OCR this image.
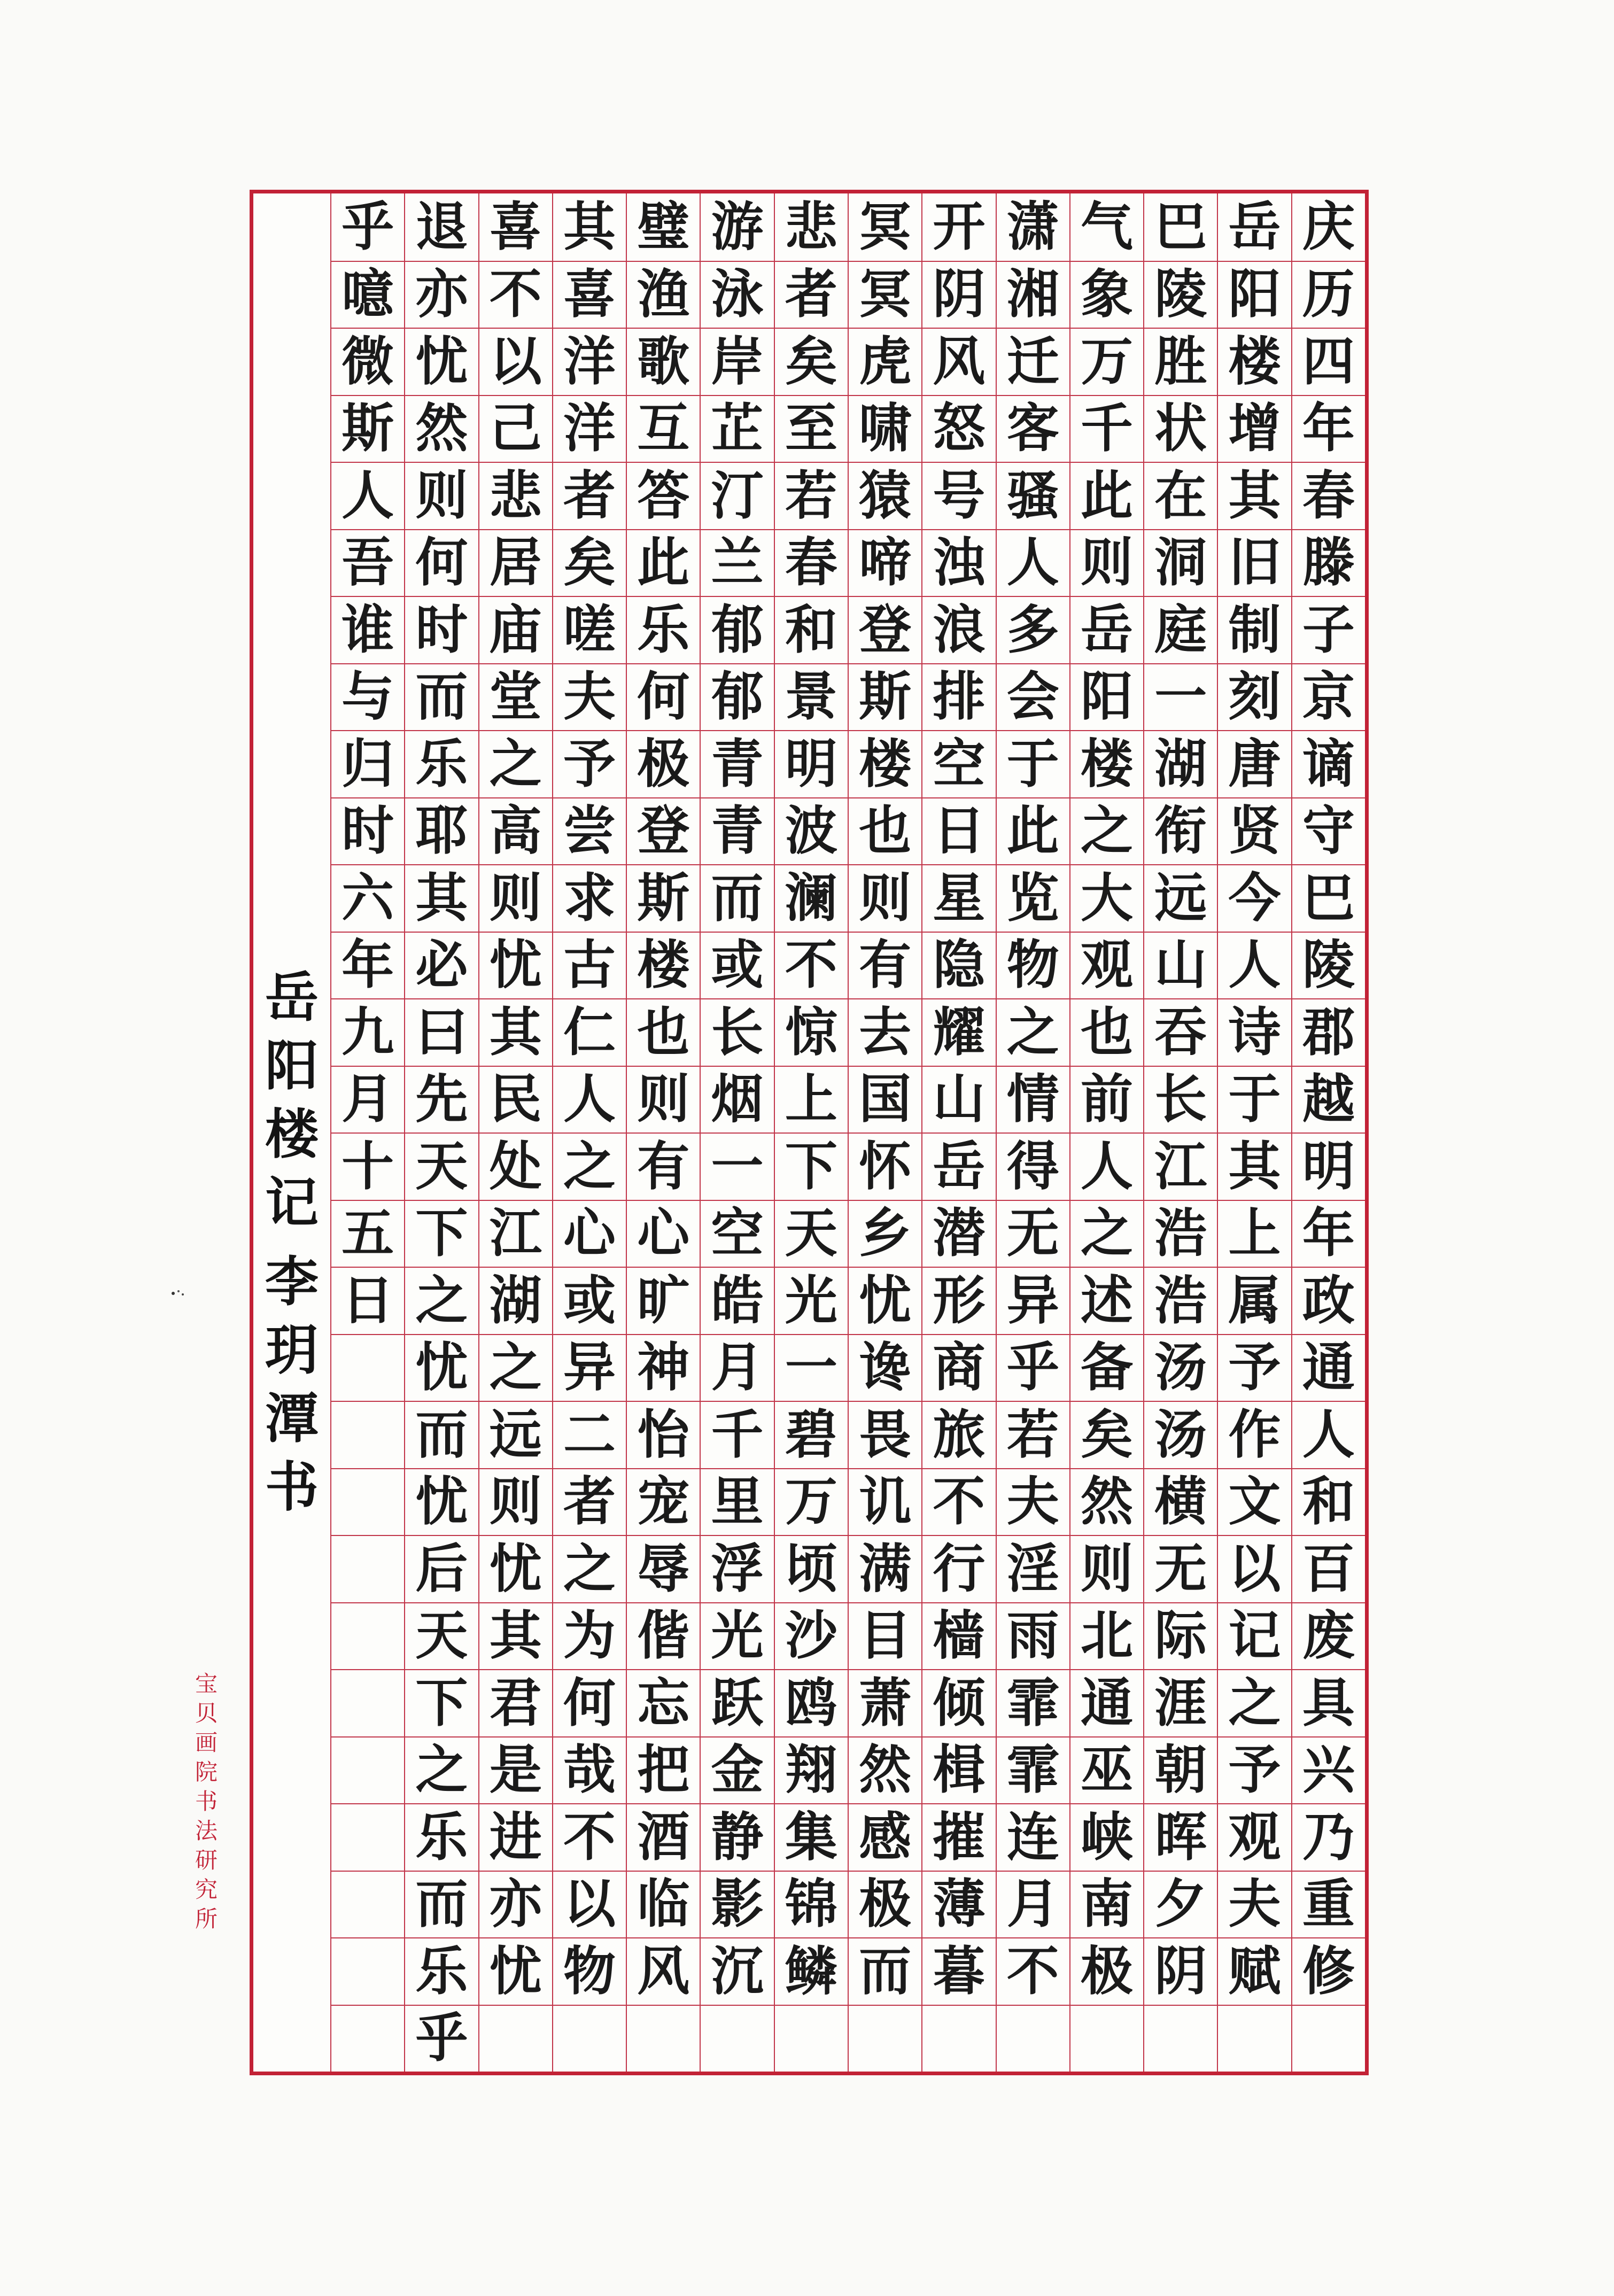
岳
阳
楼
记
李
玥
潭
书
庆
历
四
年
春
滕
子
京
谪
守
巴
陵
郡
越
明
年
政
通
人
和
百
废
具
兴
乃
重
修
岳
阳
楼
增
其
旧
制
刻
唐
贤
今
人
诗
于
其
上
属
予
作
文
以
记
之
予
观
夫
赋
巴
陵
胜
状
在
洞
庭
一
湖
衔
远
山
吞
长
江
浩
浩
汤
汤
横
无
际
涯
朝
晖
夕
阴
气
象
万
千
此
则
岳
阳
楼
之
大
观
也
前
人
之
述
备
矣
然
则
北
通
巫
峡
南
极
潇
湘
迁
客
骚
人
多
会
于
此
览
物
之
情
得
无
异
乎
若
夫
淫
雨
霏
霏
连
月
不
开
阴
风
怒
号
浊
浪
排
空
日
星
隐
耀
山
岳
潜
形
商
旅
不
行
樯
倾
楫
摧
薄
暮
冥
冥
虎
啸
猿
啼
登
斯
楼
也
则
有
去
国
怀
乡
忧
谗
畏
讥
满
目
萧
然
感
极
而
悲
者
矣
至
若
春
和
景
明
波
澜
不
惊
上
下
天
光
一
碧
万
顷
沙
鸥
翔
集
锦
鳞
游
泳
岸
芷
汀
兰
郁
郁
青
青
而
或
长
烟
一
空
皓
月
千
里
浮
光
跃
金
静
影
沉
璧
渔
歌
互
答
此
乐
何
极
登
斯
楼
也
则
有
心
旷
神
怡
宠
辱
偕
忘
把
酒
临
风
其
喜
洋
洋
者
矣
嗟
夫
予
尝
求
古
仁
人
之
心
或
异
二
者
之
为
何
哉
不
以
物
喜
不
以
己
悲
居
庙
堂
之
高
则
忧
其
民
处
江
湖
之
远
则
忧
其
君
是
进
亦
忧
退
亦
忧
然
则
何
时
而
乐
耶
其
必
曰
先
天
下
之
忧
而
忧
后
天
下
之
乐
而
乐
乎
乎
噫
微
斯
人
吾
谁
与
归
时
六
年
九
月
十
五
日
宝
贝
画
院
书
法
研
究
所
